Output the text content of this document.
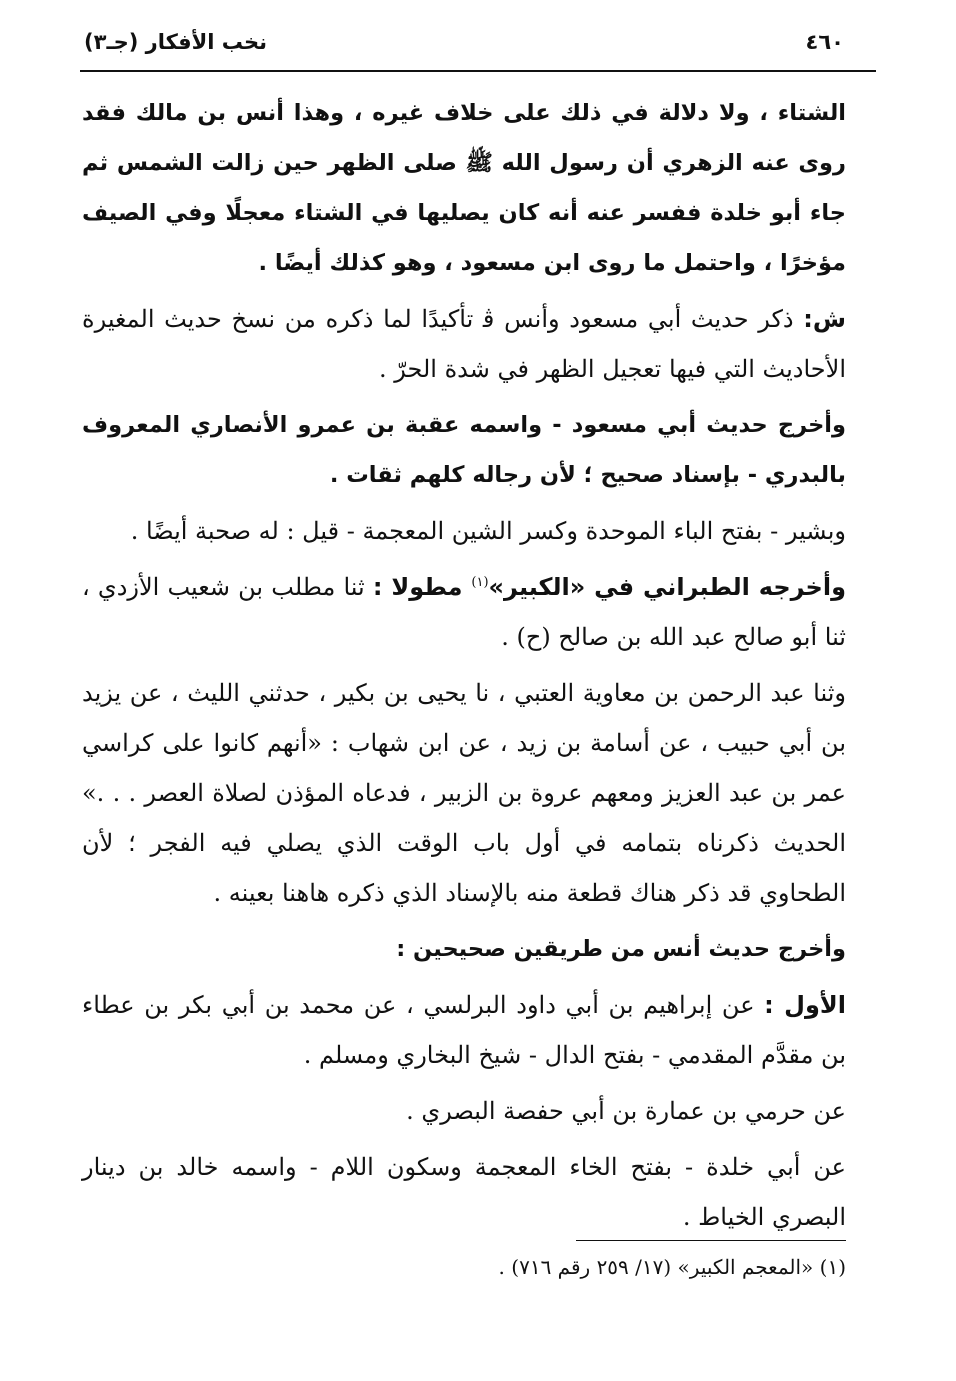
٤٦٠
نخب الأفكار (جـ٣)

الشتاء ، ولا دلالة في ذلك على خلاف غيره ، وهذا أنس بن مالك فقد روى عنه الزهري أن رسول الله ﷺ صلى الظهر حين زالت الشمس ثم جاء أبو خلدة ففسر عنه أنه كان يصليها في الشتاء معجلًا وفي الصيف مؤخرًا ، واحتمل ما روى ابن مسعود ، وهو كذلك أيضًا .

ش: ذكر حديث أبي مسعود وأنس ﭬ تأكيدًا لما ذكره من نسخ حديث المغيرة الأحاديث التي فيها تعجيل الظهر في شدة الحرّ .

وأخرج حديث أبي مسعود - واسمه عقبة بن عمرو الأنصاري المعروف بالبدري - بإسناد صحيح ؛ لأن رجاله كلهم ثقات .

وبشير - بفتح الباء الموحدة وكسر الشين المعجمة - قيل : له صحبة أيضًا .

وأخرجه الطبراني في «الكبير»$^{(١)}$ مطولا : ثنا مطلب بن شعيب الأزدي ، ثنا أبو صالح عبد الله بن صالح (ح) .

وثنا عبد الرحمن بن معاوية العتبي ، نا يحيى بن بكير ، حدثني الليث ، عن يزيد بن أبي حبيب ، عن أسامة بن زيد ، عن ابن شهاب : «أنهم كانوا على كراسي عمر بن عبد العزيز ومعهم عروة بن الزبير ، فدعاه المؤذن لصلاة العصر . . .» الحديث ذكرناه بتمامه في أول باب الوقت الذي يصلي فيه الفجر ؛ لأن الطحاوي قد ذكر هناك قطعة منه بالإسناد الذي ذكره هاهنا بعينه .

وأخرج حديث أنس من طريقين صحيحين :

الأول : عن إبراهيم بن أبي داود البرلسي ، عن محمد بن أبي بكر بن عطاء بن مقدَّم المقدمي - بفتح الدال - شيخ البخاري ومسلم .

عن حرمي بن عمارة بن أبي حفصة البصري .

عن أبي خلدة - بفتح الخاء المعجمة وسكون اللام - واسمه خالد بن دينار البصري الخياط .

(١) «المعجم الكبير» (١٧/ ٢٥٩ رقم ٧١٦) .
